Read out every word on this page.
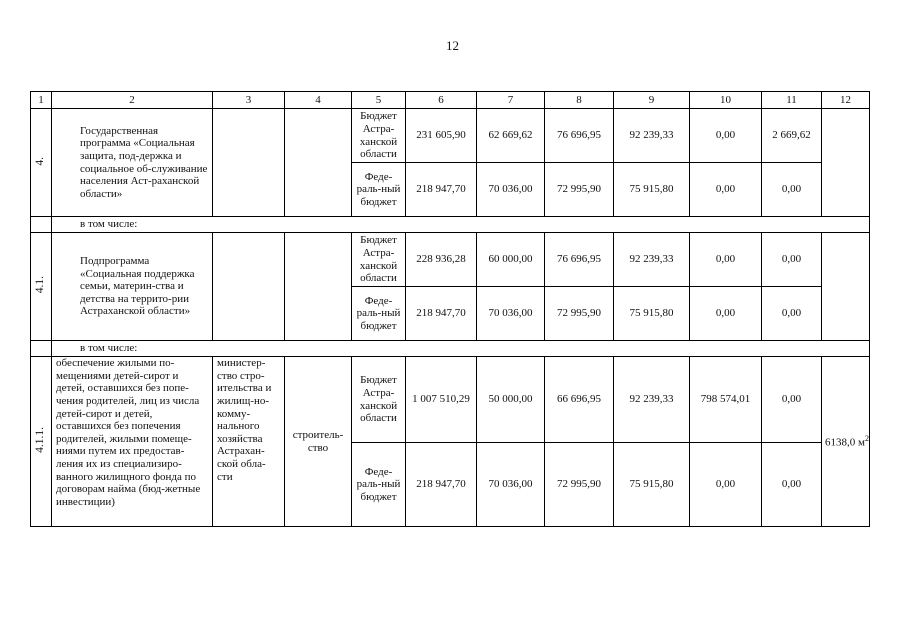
12
1	2	3	4	5	6	7	8	9	10	11	12
4.	Государственная программа «Социальная защита, под-держка и социальное об-служивание населения Аст-раханской области»			Бюджет Астра-ханской области	231 605,90	62 669,62	76 696,95	92 239,33	0,00	2 669,62	
				Феде-раль-ный бюджет	218 947,70	70 036,00	72 995,90	75 915,80	0,00	0,00	
	в том числе:										
4.1.	Подпрограмма «Социальная поддержка семьи, материн-ства и детства на террито-рии Астраханской области»			Бюджет Астра-ханской области	228 936,28	60 000,00	76 696,95	92 239,33	0,00	0,00	
				Феде-раль-ный бюджет	218 947,70	70 036,00	72 995,90	75 915,80	0,00	0,00	
	в том числе:										
4.1.1.	обеспечение жилыми по-мещениями детей-сирот и детей, оставшихся без попе-чения родителей, лиц из числа детей-сирот и детей, оставшихся без попечения родителей, жилыми помеще-ниями путем их предостав-ления их из специализиро-ванного жилищного фонда по договорам найма (бюд-жетные инвестиции)	министер-ство стро-ительства и жилищ-но-комму-нального хозяйства Астрахан-ской обла-сти	строитель-ство	Бюджет Астра-ханской области	1 007 510,29	50 000,00	66 696,95	92 239,33	798 574,01	0,00	6138,0 $м^2$
				Феде-раль-ный бюджет	218 947,70	70 036,00	72 995,90	75 915,80	0,00	0,00	
